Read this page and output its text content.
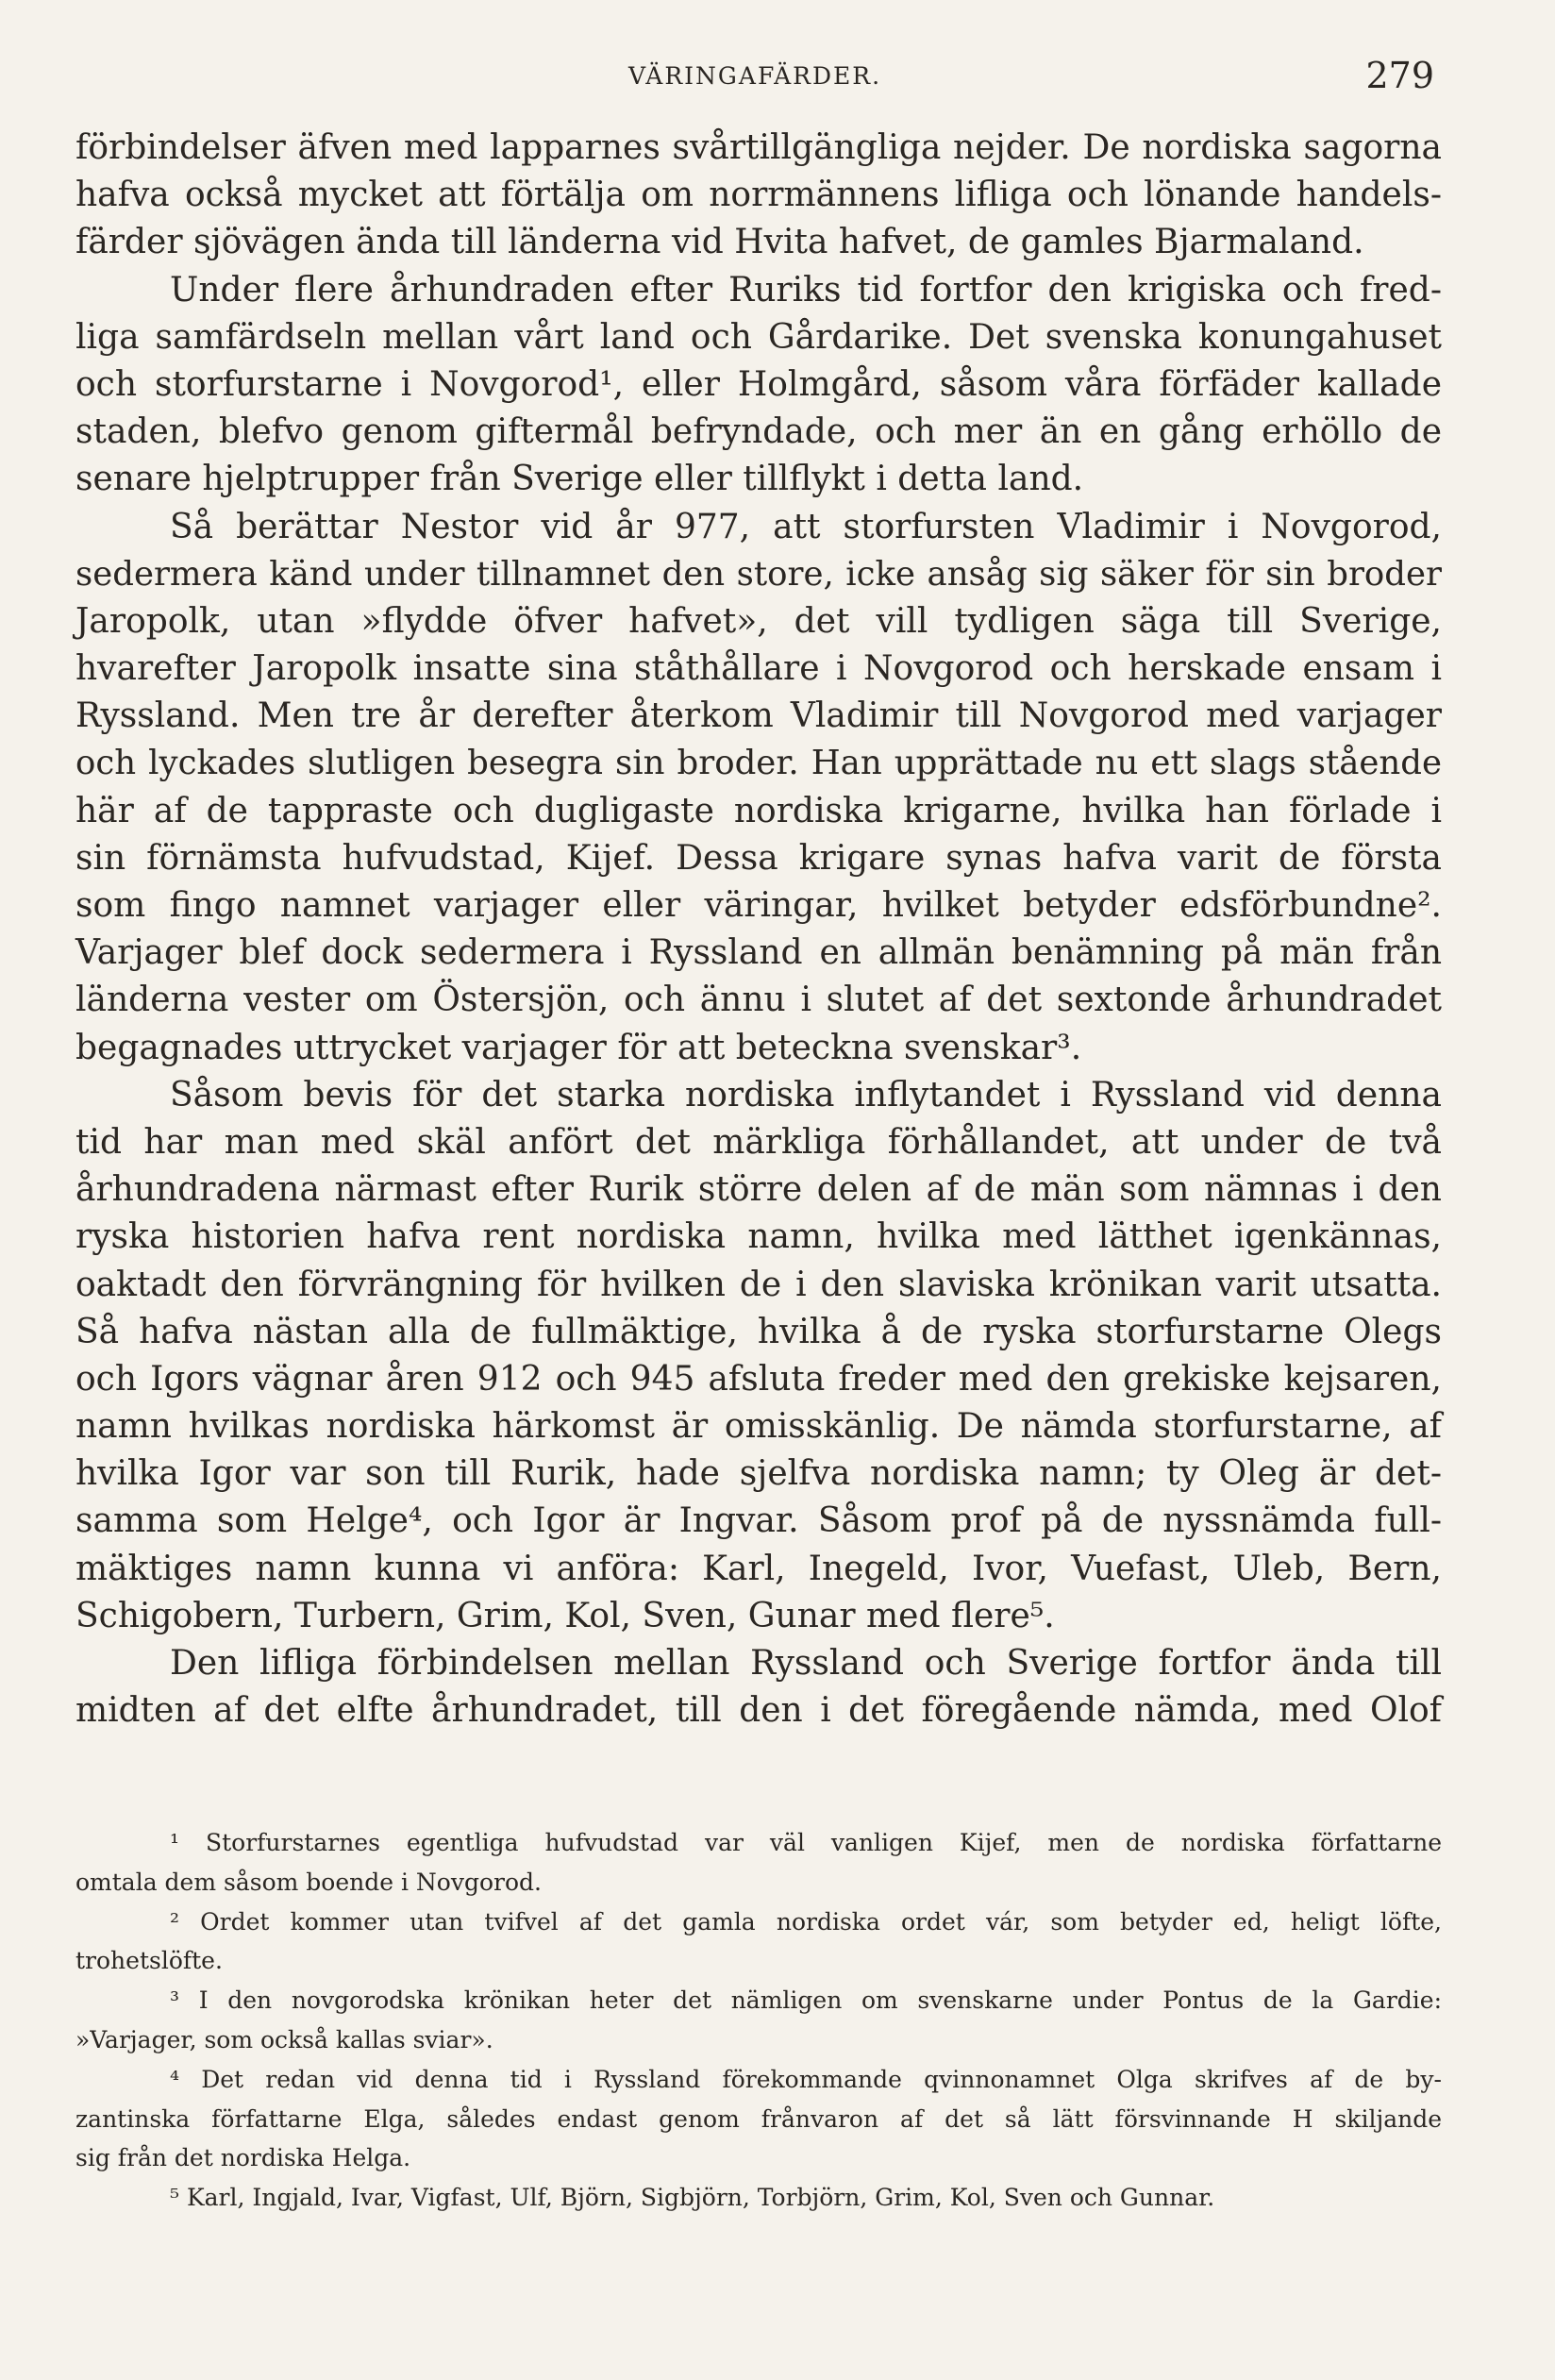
VÄRINGAFÄRDER.	279
förbindelser äfven med lapparnes svårtillgängliga nejder. De nordiska sagorna
hafva också mycket att förtälja om norrmännens lifliga och lönande handels-
färder sjövägen ända till länderna vid Hvita hafvet, de gamles Bjarmaland.
Under flere århundraden efter Ruriks tid fortfor den krigiska och fred-
liga samfärdseln mellan vårt land och Gårdarike. Det svenska konungahuset
och storfurstarne i Novgorod¹, eller Holmgård, såsom våra förfäder kallade
staden, blefvo genom giftermål befryndade, och mer än en gång erhöllo de
senare hjelptrupper från Sverige eller tillflykt i detta land.
Så berättar Nestor vid år 977, att storfursten Vladimir i Novgorod,
sedermera känd under tillnamnet den store, icke ansåg sig säker för sin broder
Jaropolk, utan »flydde öfver hafvet», det vill tydligen säga till Sverige,
hvarefter Jaropolk insatte sina ståthållare i Novgorod och herskade ensam i
Ryssland. Men tre år derefter återkom Vladimir till Novgorod med varjager
och lyckades slutligen besegra sin broder. Han upprättade nu ett slags stående
här af de tappraste och dugligaste nordiska krigarne, hvilka han förlade i
sin förnämsta hufvudstad, Kijef. Dessa krigare synas hafva varit de första
som fingo namnet varjager eller väringar, hvilket betyder edsförbundne².
Varjager blef dock sedermera i Ryssland en allmän benämning på män från
länderna vester om Östersjön, och ännu i slutet af det sextonde århundradet
begagnades uttrycket varjager för att beteckna svenskar³.
Såsom bevis för det starka nordiska inflytandet i Ryssland vid denna
tid har man med skäl anfört det märkliga förhållandet, att under de två
århundradena närmast efter Rurik större delen af de män som nämnas i den
ryska historien hafva rent nordiska namn, hvilka med lätthet igenkännas,
oaktadt den förvrängning för hvilken de i den slaviska krönikan varit utsatta.
Så hafva nästan alla de fullmäktige, hvilka å de ryska storfurstarne Olegs
och Igors vägnar åren 912 och 945 afsluta freder med den grekiske kejsaren,
namn hvilkas nordiska härkomst är omisskänlig. De nämda storfurstarne, af
hvilka Igor var son till Rurik, hade sjelfva nordiska namn; ty Oleg är det-
samma som Helge⁴, och Igor är Ingvar. Såsom prof på de nyssnämda full-
mäktiges namn kunna vi anföra: Karl, Inegeld, Ivor, Vuefast, Uleb, Bern,
Schigobern, Turbern, Grim, Kol, Sven, Gunar med flere⁵.
Den lifliga förbindelsen mellan Ryssland och Sverige fortfor ända till
midten af det elfte århundradet, till den i det föregående nämda, med Olof
¹ Storfurstarnes egentliga hufvudstad var väl vanligen Kijef, men de nordiska författarne
omtala dem såsom boende i Novgorod.
² Ordet kommer utan tvifvel af det gamla nordiska ordet vár, som betyder ed, heligt löfte,
trohetslöfte.
³ I den novgorodska krönikan heter det nämligen om svenskarne under Pontus de la Gardie:
»Varjager, som också kallas sviar».
⁴ Det redan vid denna tid i Ryssland förekommande qvinnonamnet Olga skrifves af de by-
zantinska författarne Elga, således endast genom frånvaron af det så lätt försvinnande H skiljande
sig från det nordiska Helga.
⁵ Karl, Ingjald, Ivar, Vigfast, Ulf, Björn, Sigbjörn, Torbjörn, Grim, Kol, Sven och Gunnar.
